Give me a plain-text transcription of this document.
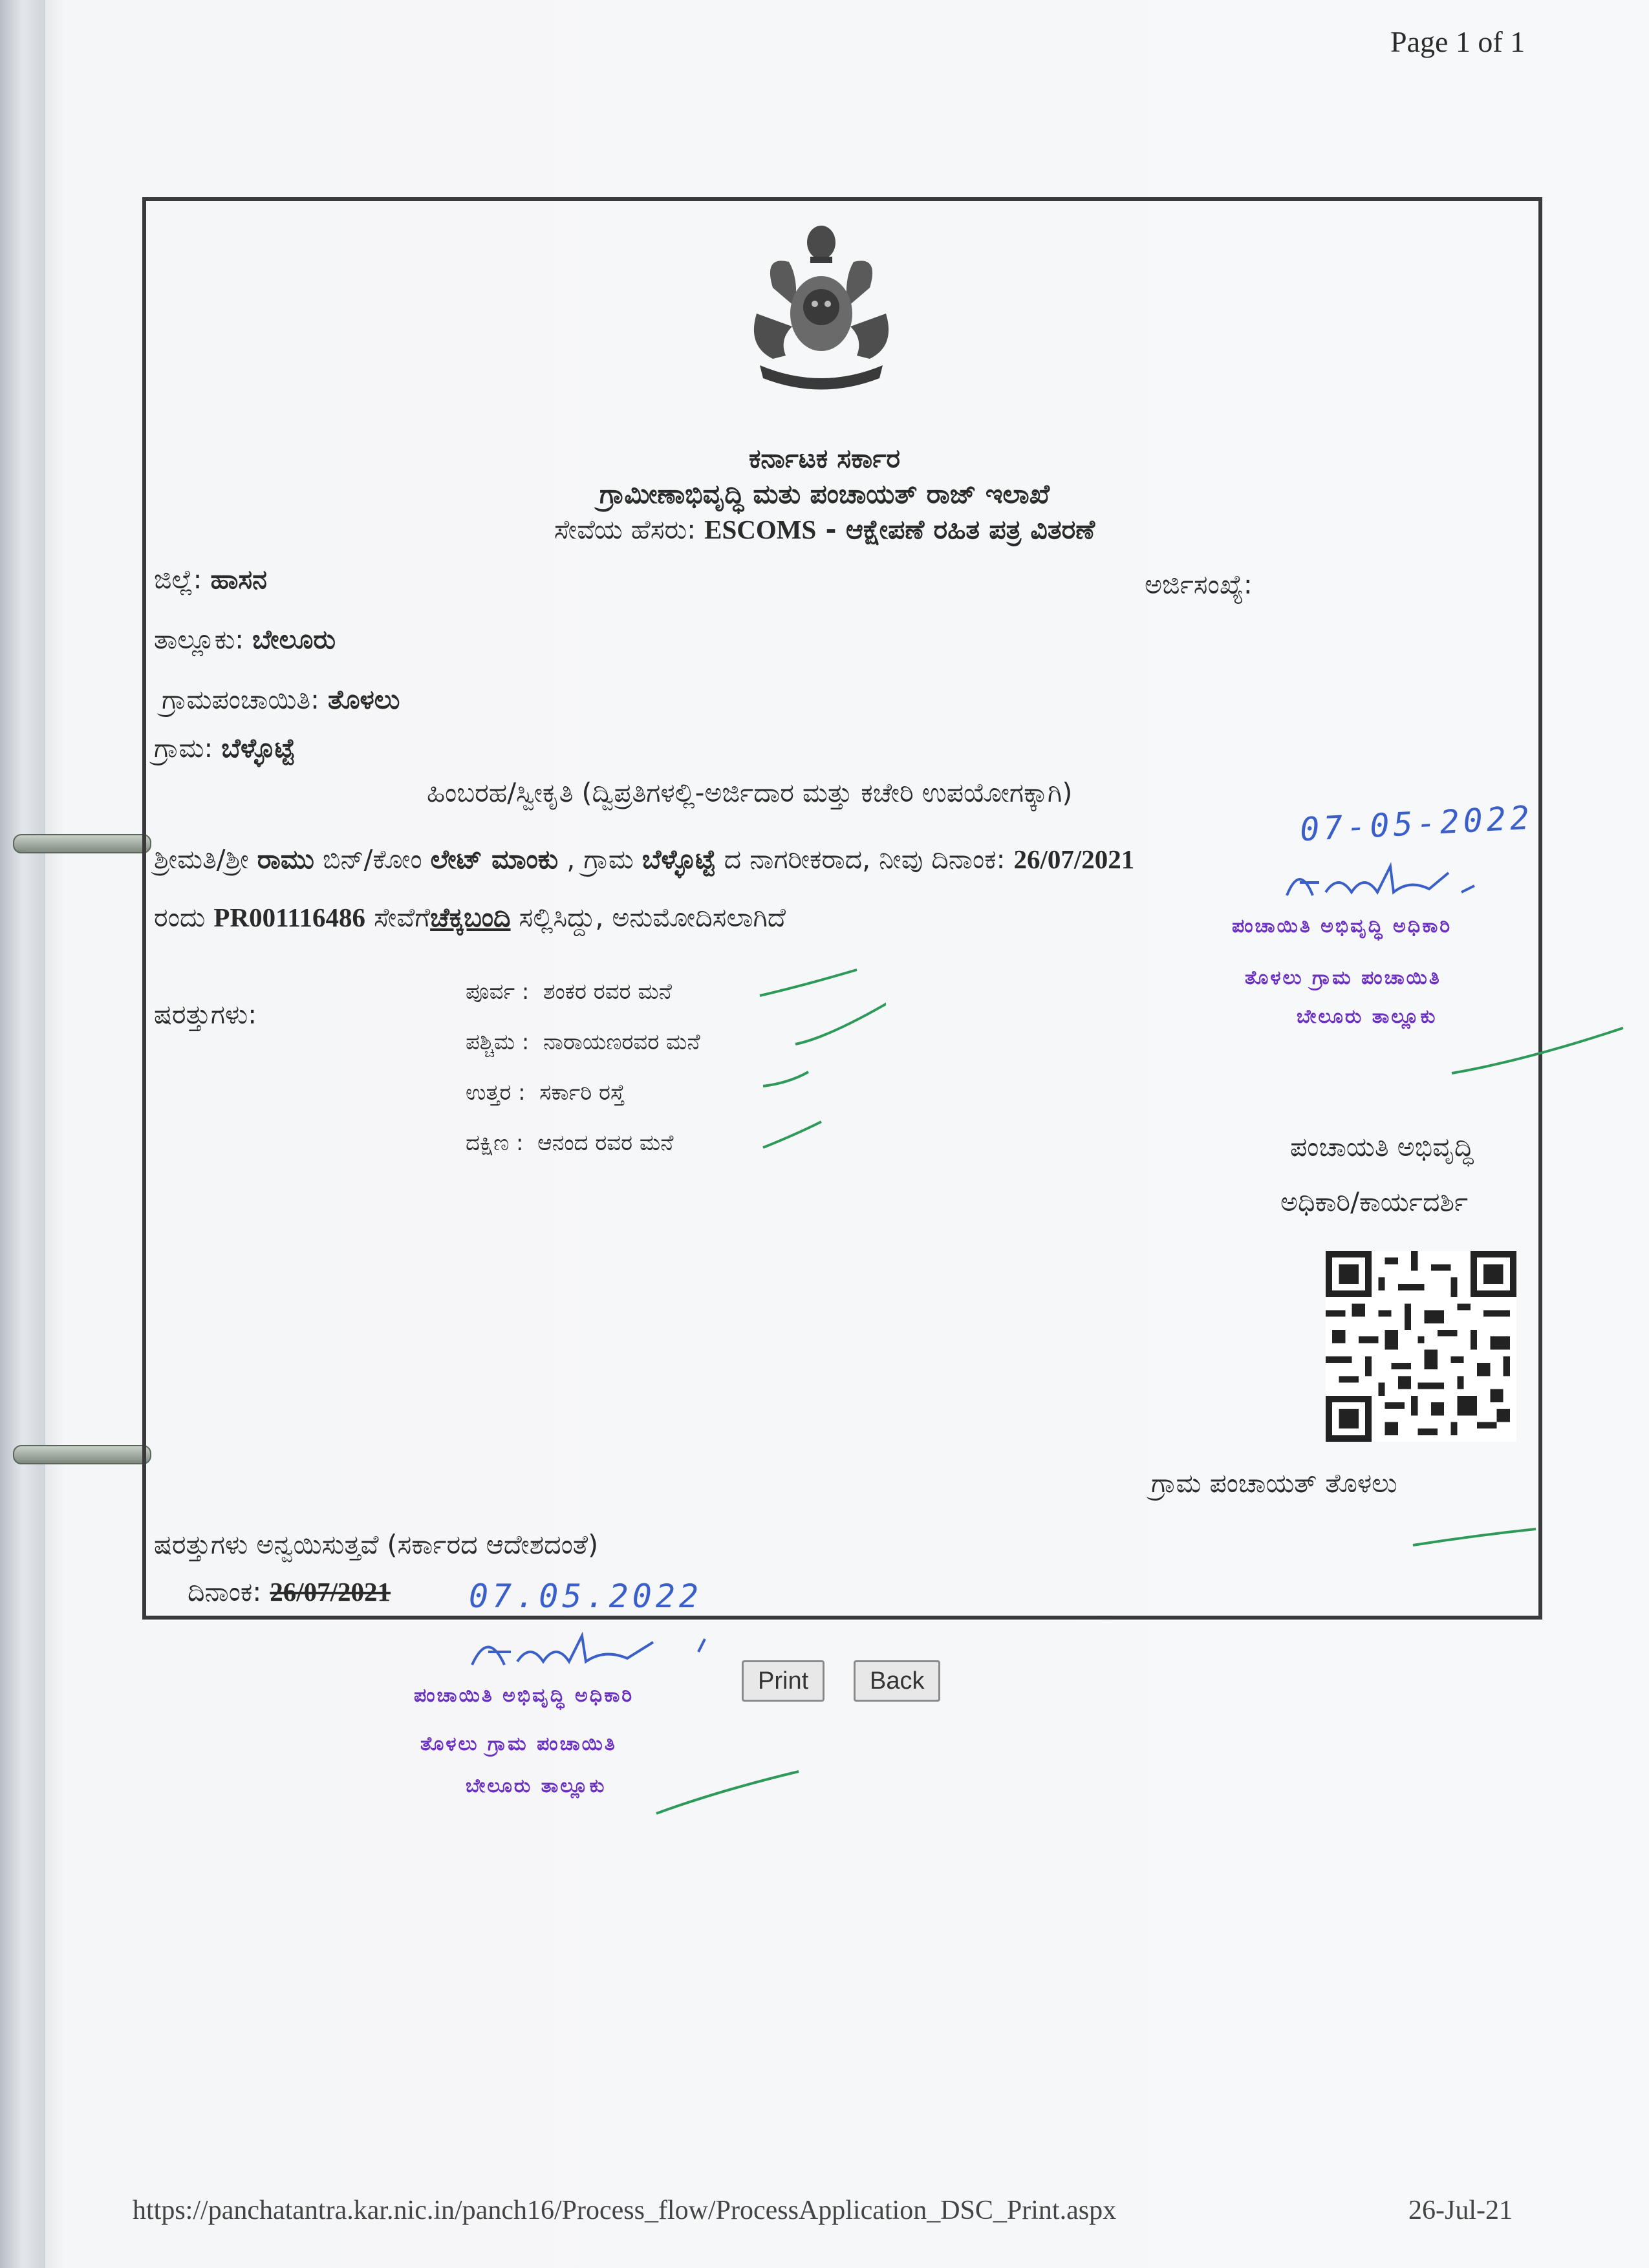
Page 1 of 1
ಕರ್ನಾಟಕ ಸರ್ಕಾರ
ಗ್ರಾಮೀಣಾಭಿವೃದ್ಧಿ ಮತು ಪಂಚಾಯತ್ ರಾಜ್ ಇಲಾಖೆ
ಸೇವೆಯ ಹೆಸರು: ESCOMS - ಆಕ್ಷೇಪಣೆ ರಹಿತ ಪತ್ರ ವಿತರಣೆ
ಜಿಲ್ಲೆ: ಹಾಸನ	ಅರ್ಜಿಸಂಖ್ಯೆ:
ತಾಲ್ಲೂಕು: ಬೇಲೂರು
ಗ್ರಾಮಪಂಚಾಯಿತಿ: ತೊಳಲು
ಗ್ರಾಮ: ಬೆಳ್ಳೊಟ್ಟೆ
ಹಿಂಬರಹ/ಸ್ವೀಕೃತಿ (ದ್ವಿಪ್ರತಿಗಳಲ್ಲಿ-ಅರ್ಜಿದಾರ ಮತ್ತು ಕಚೇರಿ ಉಪಯೋಗಕ್ಕಾಗಿ)
ಶ್ರೀಮತಿ/ಶ್ರೀ ರಾಮು ಬಿನ್/ಕೋಂ ಲೇಟ್ ಮಾಂಕು , ಗ್ರಾಮ ಬೆಳ್ಳೊಟ್ಟೆ ದ ನಾಗರೀಕರಾದ, ನೀವು ದಿನಾಂಕ: 26/07/2021
ರಂದು PR001116486 ಸೇವೆಗೆಚೆಕ್ಕಬಂದಿ ಸಲ್ಲಿಸಿದ್ದು, ಅನುಮೋದಿಸಲಾಗಿದೆ
07-05-2022
ಪಂಚಾಯಿತಿ ಅಭಿವೃದ್ಧಿ ಅಧಿಕಾರಿ
ತೊಳಲು ಗ್ರಾಮ ಪಂಚಾಯಿತಿ
ಬೇಲೂರು ತಾಲ್ಲೂಕು
ಷರತ್ತುಗಳು:
ಪೂರ್ವ : ಶಂಕರ ರವರ ಮನೆ
ಪಶ್ಚಿಮ : ನಾರಾಯಣರವರ ಮನೆ
ಉತ್ತರ : ಸರ್ಕಾರಿ ರಸ್ತೆ
ದಕ್ಷಿಣ : ಆನಂದ ರವರ ಮನೆ	ಪಂಚಾಯತಿ ಅಭಿವೃದ್ಧಿ
ಅಧಿಕಾರಿ/ಕಾರ್ಯದರ್ಶಿ
ಗ್ರಾಮ ಪಂಚಾಯತ್ ತೊಳಲು
ಷರತ್ತುಗಳು ಅನ್ವಯಿಸುತ್ತವೆ (ಸರ್ಕಾರದ ಆದೇಶದಂತೆ)
ದಿನಾಂಕ: 26/07/2021 07.05.2022
ಪಂಚಾಯಿತಿ ಅಭಿವೃದ್ಧಿ ಅಧಿಕಾರಿ
ತೊಳಲು ಗ್ರಾಮ ಪಂಚಾಯಿತಿ
ಬೇಲೂರು ತಾಲ್ಲೂಕು
Print	Back
https://panchatantra.kar.nic.in/panch16/Process_flow/ProcessApplication_DSC_Print.aspx	26-Jul-21
